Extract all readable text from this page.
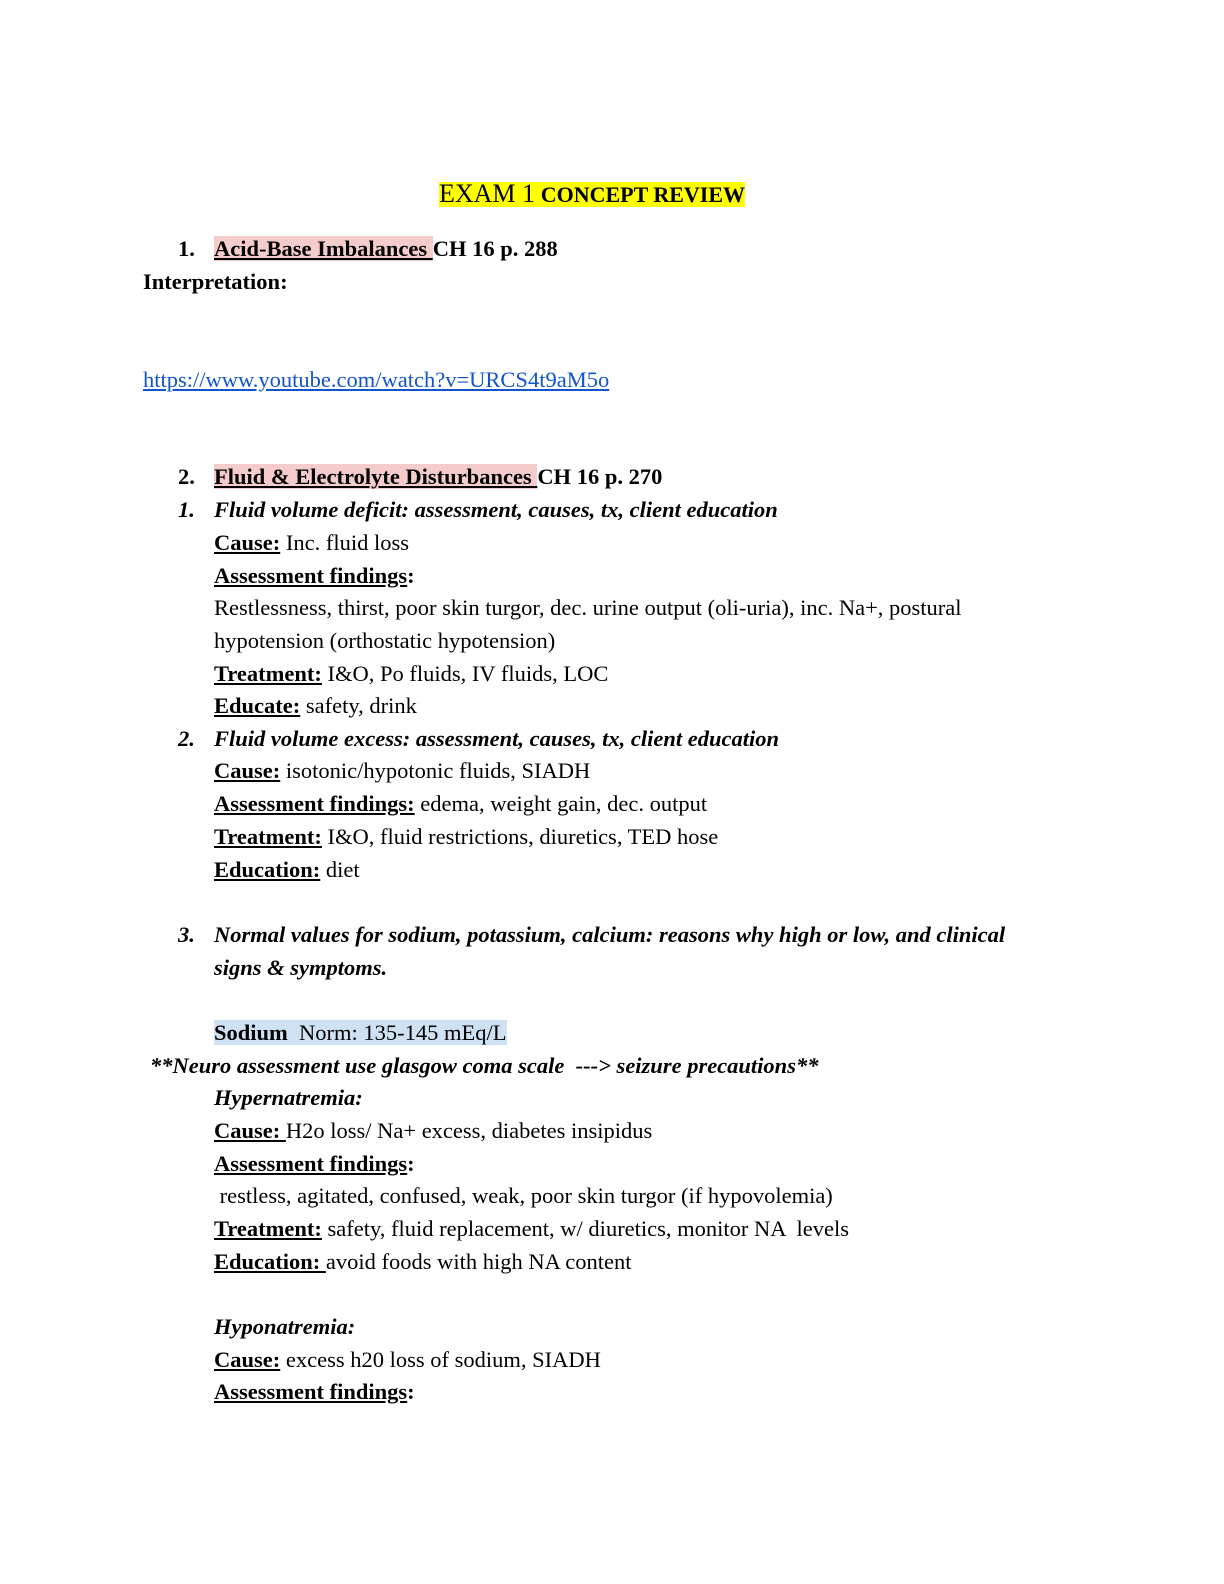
EXAM 1 CONCEPT REVIEW
1. Acid-Base Imbalances CH 16 p. 288
Interpretation:
https://www.youtube.com/watch?v=URCS4t9aM5o
2. Fluid & Electrolyte Disturbances CH 16 p. 270
1. Fluid volume deficit: assessment, causes, tx, client education
Cause: Inc. fluid loss
Assessment findings:
Restlessness, thirst, poor skin turgor, dec. urine output (oli-uria), inc. Na+, postural
hypotension (orthostatic hypotension)
Treatment: I&O, Po fluids, IV fluids, LOC
Educate: safety, drink
2. Fluid volume excess: assessment, causes, tx, client education
Cause: isotonic/hypotonic fluids, SIADH
Assessment findings: edema, weight gain, dec. output
Treatment: I&O, fluid restrictions, diuretics, TED hose
Education: diet
3. Normal values for sodium, potassium, calcium: reasons why high or low, and clinical
signs & symptoms.
Sodium  Norm: 135-145 mEq/L
**Neuro assessment use glasgow coma scale  ---> seizure precautions**
Hypernatremia:
Cause: H2o loss/ Na+ excess, diabetes insipidus
Assessment findings:
restless, agitated, confused, weak, poor skin turgor (if hypovolemia)
Treatment: safety, fluid replacement, w/ diuretics, monitor NA  levels
Education: avoid foods with high NA content
Hyponatremia:
Cause: excess h20 loss of sodium, SIADH
Assessment findings:
